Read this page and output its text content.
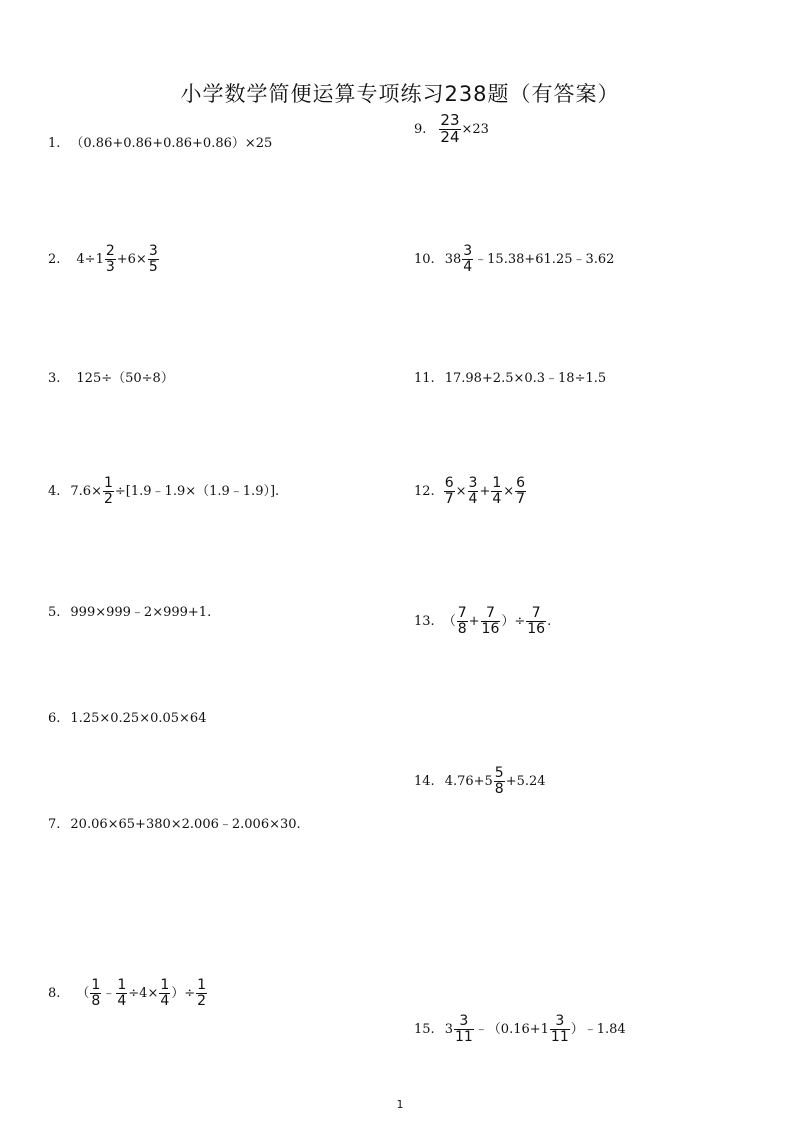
小学数学简便运算专项练习238题（有答案）
1. （0.86+0.86+0.86+0.86）×25
2. $4\div 1 \frac{2}{3} +6\times \frac{3}{5}$
3. 125÷（50÷8）
4. $7.6\times \frac{1}{2}$ ÷[1.9﹣1.9×（1.9﹣1.9）].
5. 999×999﹣2×999+1.
6. 1.25×0.25×0.05×64
7. 20.06×65+380×2.006﹣2.006×30.
8. （ $\frac{1}{8}$ ﹣ $\frac{1}{4} \div 4\times \frac{1}{4}$ ）÷ $\frac{1}{2}$
9. $\frac{23}{24} \times 23$
10. $38 \frac{3}{4}$ ﹣15.38+61.25﹣3.62
11. 17.98+2.5×0.3﹣18÷1.5
12. $\frac{6}{7} \times \frac{3}{4} + \frac{1}{4} \times \frac{6}{7}$
13. （ $\frac{7}{8} + \frac{7}{16}$ ）÷ $\frac{7}{16}$ .
14. $4.76+5 \frac{5}{8} +5.24$
15. $3 \frac{3}{11}$ ﹣（0.16+1 $\frac{3}{11}$ ）﹣1.84
1
